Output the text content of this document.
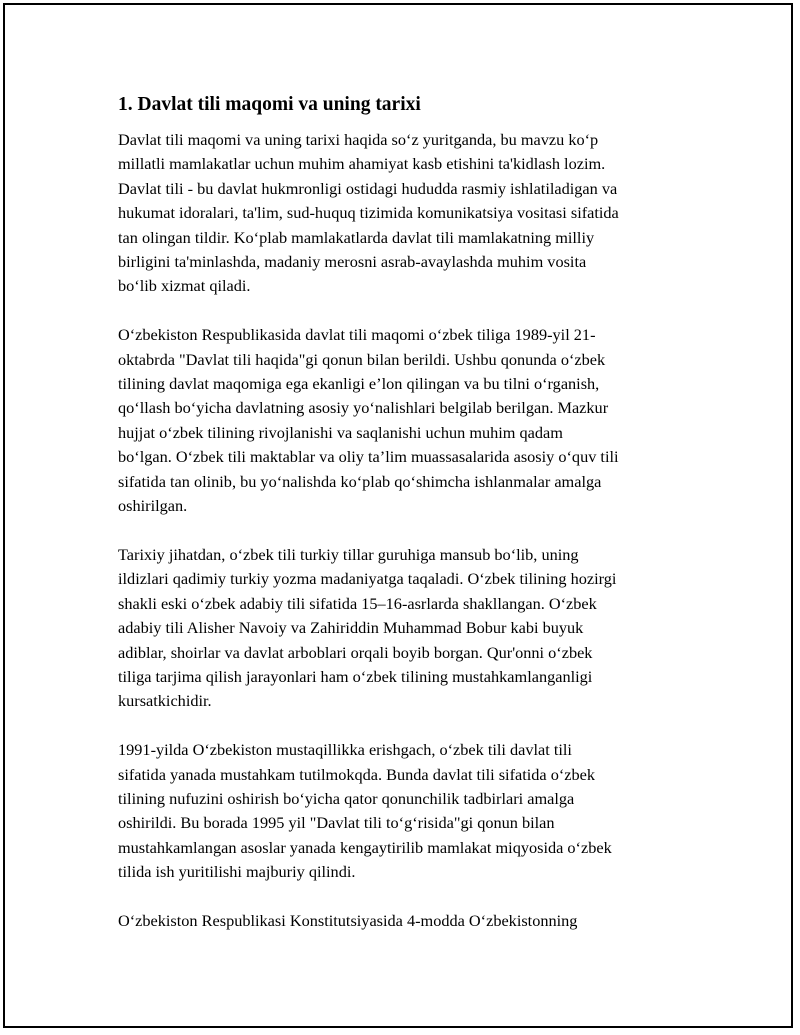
1. Davlat tili maqomi va uning tarixi
Davlat tili maqomi va uning tarixi haqida soʻz yuritganda, bu mavzu koʻp
millatli mamlakatlar uchun muhim ahamiyat kasb etishini ta'kidlash lozim.
Davlat tili - bu davlat hukmronligi ostidagi hududda rasmiy ishlatiladigan va
hukumat idoralari, ta'lim, sud-huquq tizimida komunikatsiya vositasi sifatida
tan olingan tildir. Koʻplab mamlakatlarda davlat tili mamlakatning milliy
birligini ta'minlashda, madaniy merosni asrab-avaylashda muhim vosita
boʻlib xizmat qiladi.
Oʻzbekiston Respublikasida davlat tili maqomi oʻzbek tiliga 1989-yil 21-
oktabrda "Davlat tili haqida"gi qonun bilan berildi. Ushbu qonunda oʻzbek
tilining davlat maqomiga ega ekanligi e’lon qilingan va bu tilni oʻrganish,
qoʻllash boʻyicha davlatning asosiy yoʻnalishlari belgilab berilgan. Mazkur
hujjat oʻzbek tilining rivojlanishi va saqlanishi uchun muhim qadam
boʻlgan. Oʻzbek tili maktablar va oliy ta’lim muassasalarida asosiy oʻquv tili
sifatida tan olinib, bu yoʻnalishda koʻplab qoʻshimcha ishlanmalar amalga
oshirilgan.
Tarixiy jihatdan, oʻzbek tili turkiy tillar guruhiga mansub boʻlib, uning
ildizlari qadimiy turkiy yozma madaniyatga taqaladi. Oʻzbek tilining hozirgi
shakli eski oʻzbek adabiy tili sifatida 15–16-asrlarda shakllangan. Oʻzbek
adabiy tili Alisher Navoiy va Zahiriddin Muhammad Bobur kabi buyuk
adiblar, shoirlar va davlat arboblari orqali boyib borgan. Qur'onni oʻzbek
tiliga tarjima qilish jarayonlari ham oʻzbek tilining mustahkamlanganligi
kursatkichidir.
1991-yilda Oʻzbekiston mustaqillikka erishgach, oʻzbek tili davlat tili
sifatida yanada mustahkam tutilmokqda. Bunda davlat tili sifatida oʻzbek
tilining nufuzini oshirish boʻyicha qator qonunchilik tadbirlari amalga
oshirildi. Bu borada 1995 yil "Davlat tili toʻgʻrisida"gi qonun bilan
mustahkamlangan asoslar yanada kengaytirilib mamlakat miqyosida oʻzbek
tilida ish yuritilishi majburiy qilindi.
Oʻzbekiston Respublikasi Konstitutsiyasida 4-modda Oʻzbekistonning
